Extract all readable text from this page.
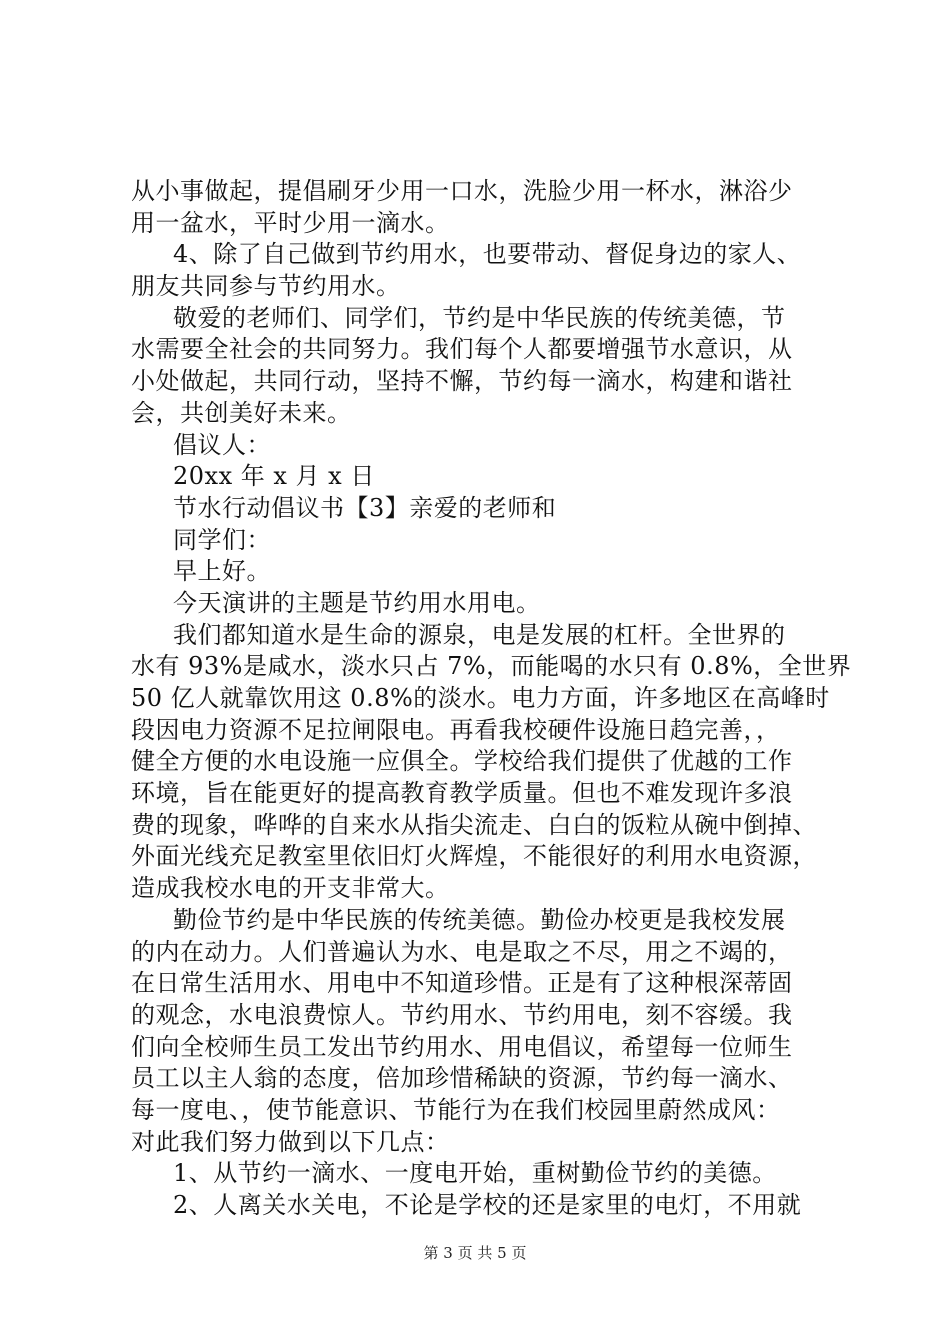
从小事做起，提倡刷牙少用一口水，洗脸少用一杯水，淋浴少
用一盆水，平时少用一滴水。
4、除了自己做到节约用水，也要带动、督促身边的家人、
朋友共同参与节约用水。
敬爱的老师们、同学们，节约是中华民族的传统美德，节
水需要全社会的共同努力。我们每个人都要增强节水意识，从
小处做起，共同行动，坚持不懈，节约每一滴水，构建和谐社
会，共创美好未来。
倡议人：
20xx 年 x 月 x 日
节水行动倡议书【3】亲爱的老师和
同学们：
早上好。
今天演讲的主题是节约用水用电。
我们都知道水是生命的源泉，电是发展的杠杆。全世界的
水有 93%是咸水，淡水只占 7%，而能喝的水只有 0.8%，全世界
50 亿人就靠饮用这 0.8%的淡水。电力方面，许多地区在高峰时
段因电力资源不足拉闸限电。再看我校硬件设施日趋完善，，
健全方便的水电设施一应俱全。学校给我们提供了优越的工作
环境，旨在能更好的提高教育教学质量。但也不难发现许多浪
费的现象，哗哗的自来水从指尖流走、白白的饭粒从碗中倒掉、
外面光线充足教室里依旧灯火辉煌，不能很好的利用水电资源，
造成我校水电的开支非常大。
勤俭节约是中华民族的传统美德。勤俭办校更是我校发展
的内在动力。人们普遍认为水、电是取之不尽，用之不竭的，
在日常生活用水、用电中不知道珍惜。正是有了这种根深蒂固
的观念，水电浪费惊人。节约用水、节约用电，刻不容缓。我
们向全校师生员工发出节约用水、用电倡议，希望每一位师生
员工以主人翁的态度，倍加珍惜稀缺的资源，节约每一滴水、
每一度电、，使节能意识、节能行为在我们校园里蔚然成风：
对此我们努力做到以下几点：
1、从节约一滴水、一度电开始，重树勤俭节约的美德。
2、人离关水关电，不论是学校的还是家里的电灯，不用就
第 3 页 共 5 页
